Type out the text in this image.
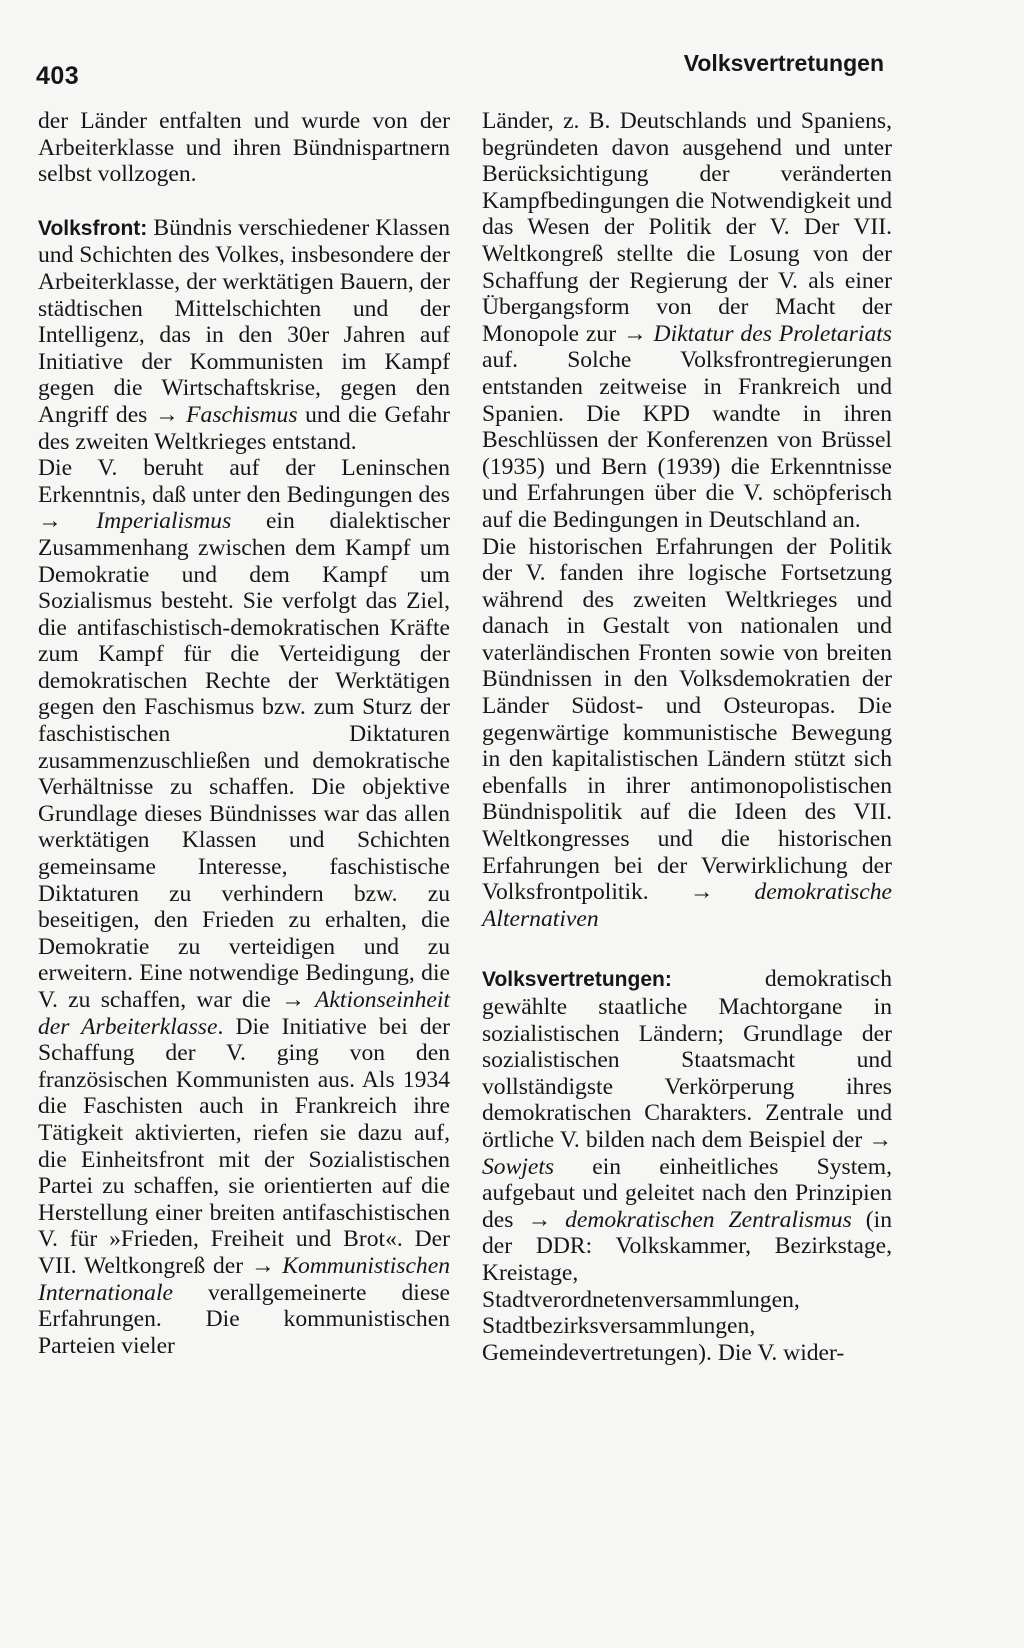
403	Volksvertretungen

der Länder entfalten und wurde von der Arbeiterklasse und ihren Bündnispartnern selbst vollzogen.

Volksfront: Bündnis verschiedener Klassen und Schichten des Volkes, insbesondere der Arbeiterklasse, der werktätigen Bauern, der städtischen Mittelschichten und der Intelligenz, das in den 30er Jahren auf Initiative der Kommunisten im Kampf gegen die Wirtschaftskrise, gegen den Angriff des → Faschismus und die Gefahr des zweiten Weltkrieges entstand.

Die V. beruht auf der Leninschen Erkenntnis, daß unter den Bedingungen des → Imperialismus ein dialektischer Zusammenhang zwischen dem Kampf um Demokratie und dem Kampf um Sozialismus besteht. Sie verfolgt das Ziel, die antifaschistisch-demokratischen Kräfte zum Kampf für die Verteidigung der demokratischen Rechte der Werktätigen gegen den Faschismus bzw. zum Sturz der faschistischen Diktaturen zusammenzuschließen und demokratische Verhältnisse zu schaffen. Die objektive Grundlage dieses Bündnisses war das allen werktätigen Klassen und Schichten gemeinsame Interesse, faschistische Diktaturen zu verhindern bzw. zu beseitigen, den Frieden zu erhalten, die Demokratie zu verteidigen und zu erweitern. Eine notwendige Bedingung, die V. zu schaffen, war die → Aktionseinheit der Arbeiterklasse. Die Initiative bei der Schaffung der V. ging von den französischen Kommunisten aus. Als 1934 die Faschisten auch in Frankreich ihre Tätigkeit aktivierten, riefen sie dazu auf, die Einheitsfront mit der Sozialistischen Partei zu schaffen, sie orientierten auf die Herstellung einer breiten antifaschistischen V. für »Frieden, Freiheit und Brot«. Der VII. Weltkongreß der → Kommunistischen Internationale verallgemeinerte diese Erfahrungen. Die kommunistischen Parteien vieler

Länder, z. B. Deutschlands und Spaniens, begründeten davon ausgehend und unter Berücksichtigung der veränderten Kampfbedingungen die Notwendigkeit und das Wesen der Politik der V. Der VII. Weltkongreß stellte die Losung von der Schaffung der Regierung der V. als einer Übergangsform von der Macht der Monopole zur → Diktatur des Proletariats auf. Solche Volksfrontregierungen entstanden zeitweise in Frankreich und Spanien. Die KPD wandte in ihren Beschlüssen der Konferenzen von Brüssel (1935) und Bern (1939) die Erkenntnisse und Erfahrungen über die V. schöpferisch auf die Bedingungen in Deutschland an.

Die historischen Erfahrungen der Politik der V. fanden ihre logische Fortsetzung während des zweiten Weltkrieges und danach in Gestalt von nationalen und vaterländischen Fronten sowie von breiten Bündnissen in den Volksdemokratien der Länder Südost- und Osteuropas. Die gegenwärtige kommunistische Bewegung in den kapitalistischen Ländern stützt sich ebenfalls in ihrer antimonopolistischen Bündnispolitik auf die Ideen des VII. Weltkongresses und die historischen Erfahrungen bei der Verwirklichung der Volksfrontpolitik. → demokratische Alternativen

Volksvertretungen: demokratisch gewählte staatliche Machtorgane in sozialistischen Ländern; Grundlage der sozialistischen Staatsmacht und vollständigste Verkörperung ihres demokratischen Charakters. Zentrale und örtliche V. bilden nach dem Beispiel der → Sowjets ein einheitliches System, aufgebaut und geleitet nach den Prinzipien des → demokratischen Zentralismus (in der DDR: Volkskammer, Bezirkstage, Kreistage, Stadtverordnetenversammlungen, Stadtbezirksversammlungen, Gemeindevertretungen). Die V. wider-
